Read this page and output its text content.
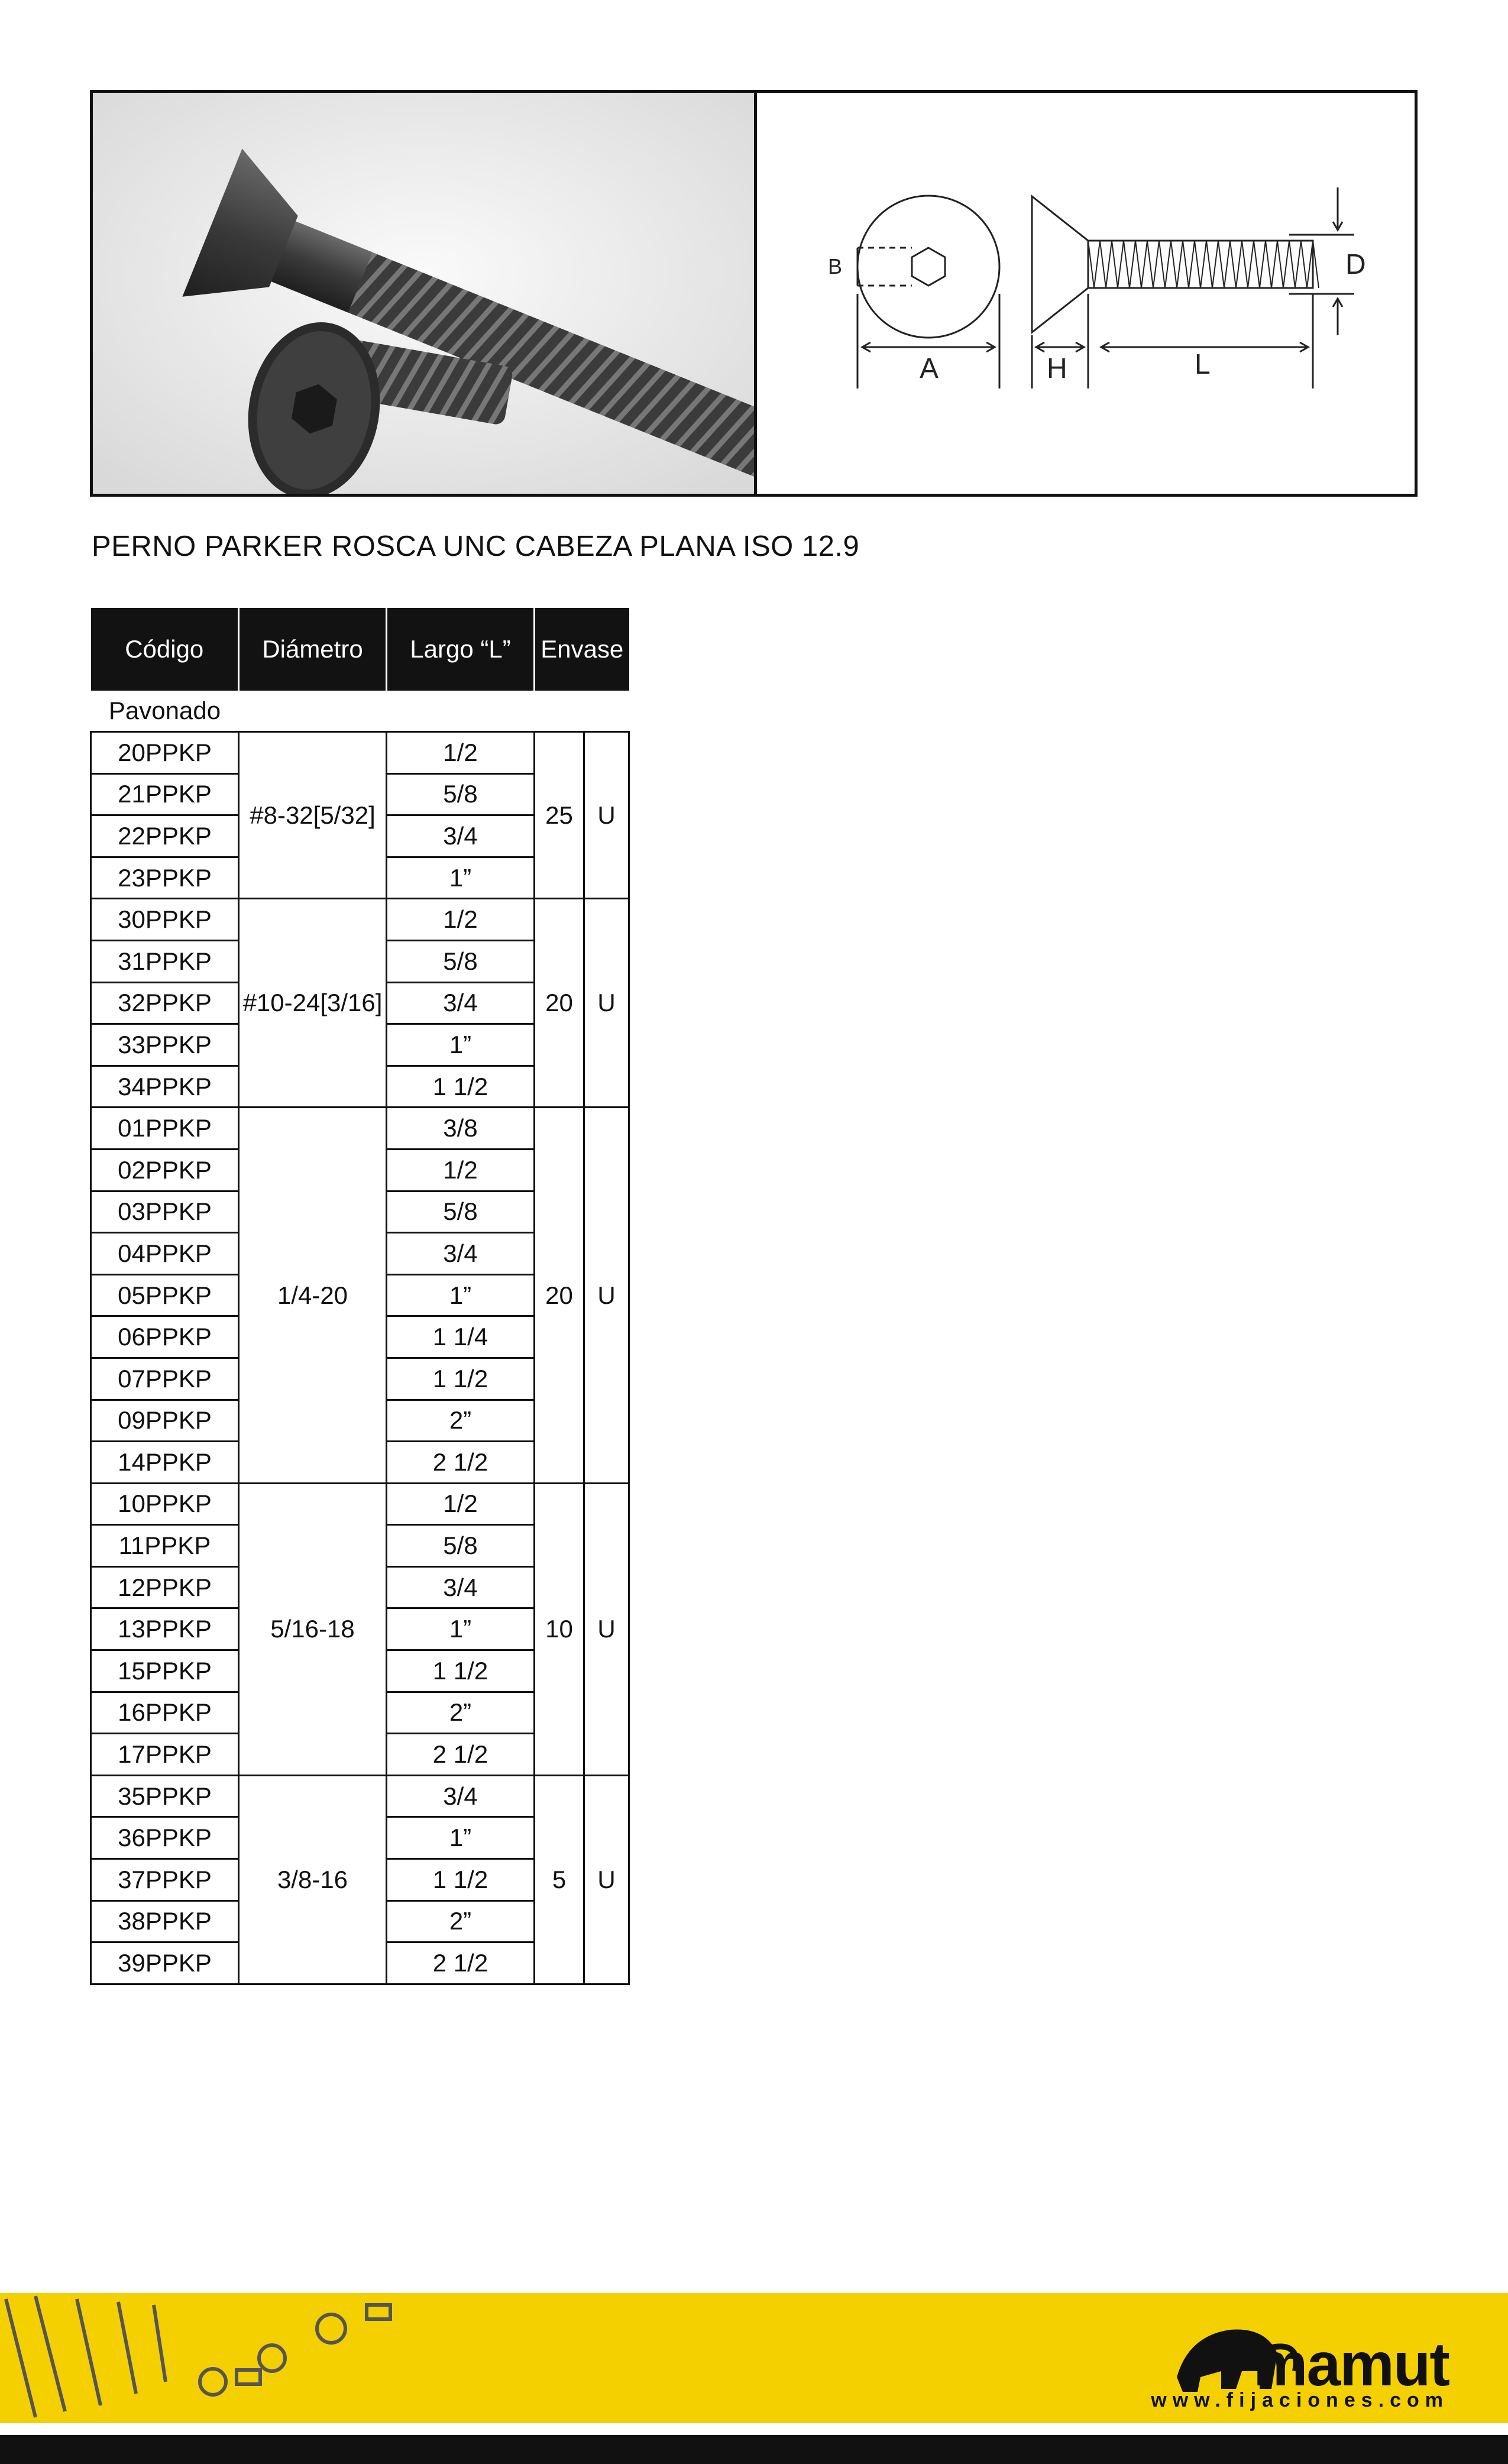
B	D
A	H	L
PERNO PARKER ROSCA UNC CABEZA PLANA ISO 12.9
Código	Diámetro	Largo “L”	Envase	
Pavonado				
20PPKP	#8-32[5/32]	1/2	25	U
21PPKP		5/8		
22PPKP		3/4		
23PPKP		1”		
30PPKP	#10-24[3/16]	1/2	20	U
31PPKP		5/8		
32PPKP		3/4		
33PPKP		1”		
34PPKP		1 1/2		
01PPKP	1/4-20	3/8	20	U
02PPKP		1/2		
03PPKP		5/8		
04PPKP		3/4		
05PPKP		1”		
06PPKP		1 1/4		
07PPKP		1 1/2		
09PPKP		2”		
14PPKP		2 1/2		
10PPKP	5/16-18	1/2	10	U
11PPKP		5/8		
12PPKP		3/4		
13PPKP		1”		
15PPKP		1 1/2		
16PPKP		2”		
17PPKP		2 1/2		
35PPKP	3/8-16	3/4	5	U
36PPKP		1”		
37PPKP		1 1/2		
38PPKP		2”		
39PPKP		2 1/2		
mamut
www.fijaciones.com
